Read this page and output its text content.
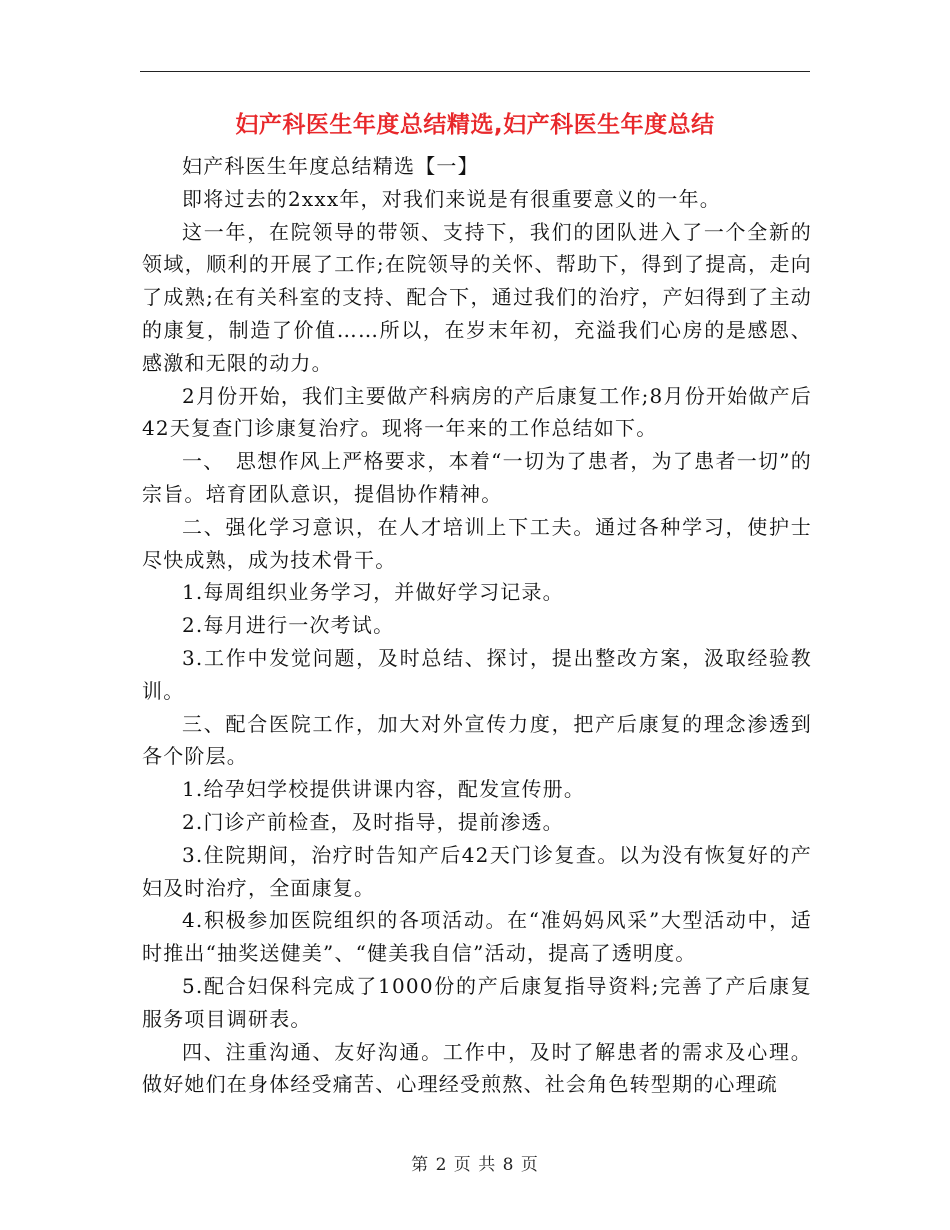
妇产科医生年度总结精选,妇产科医生年度总结

妇产科医生年度总结精选【一】

即将过去的2xxx年，对我们来说是有很重要意义的一年。

这一年，在院领导的带领、支持下，我们的团队进入了一个全新的领域，顺利的开展了工作;在院领导的关怀、帮助下，得到了提高，走向了成熟;在有关科室的支持、配合下，通过我们的治疗，产妇得到了主动的康复，制造了价值……所以，在岁末年初，充溢我们心房的是感恩、感激和无限的动力。

2月份开始，我们主要做产科病房的产后康复工作;8月份开始做产后42天复查门诊康复治疗。现将一年来的工作总结如下。

一、　思想作风上严格要求，本着“一切为了患者，为了患者一切”的宗旨。培育团队意识，提倡协作精神。

二、强化学习意识，在人才培训上下工夫。通过各种学习，使护士尽快成熟，成为技术骨干。

1.每周组织业务学习，并做好学习记录。

2.每月进行一次考试。

3.工作中发觉问题，及时总结、探讨，提出整改方案，汲取经验教训。

三、配合医院工作，加大对外宣传力度，把产后康复的理念渗透到各个阶层。

1.给孕妇学校提供讲课内容，配发宣传册。

2.门诊产前检查，及时指导，提前渗透。

3.住院期间，治疗时告知产后42天门诊复查。以为没有恢复好的产妇及时治疗，全面康复。

4.积极参加医院组织的各项活动。在“准妈妈风采”大型活动中，适时推出“抽奖送健美”、“健美我自信”活动，提高了透明度。

5.配合妇保科完成了1000份的产后康复指导资料;完善了产后康复服务项目调研表。

四、注重沟通、友好沟通。工作中，及时了解患者的需求及心理。做好她们在身体经受痛苦、心理经受煎熬、社会角色转型期的心理疏

第 2 页 共 8 页
